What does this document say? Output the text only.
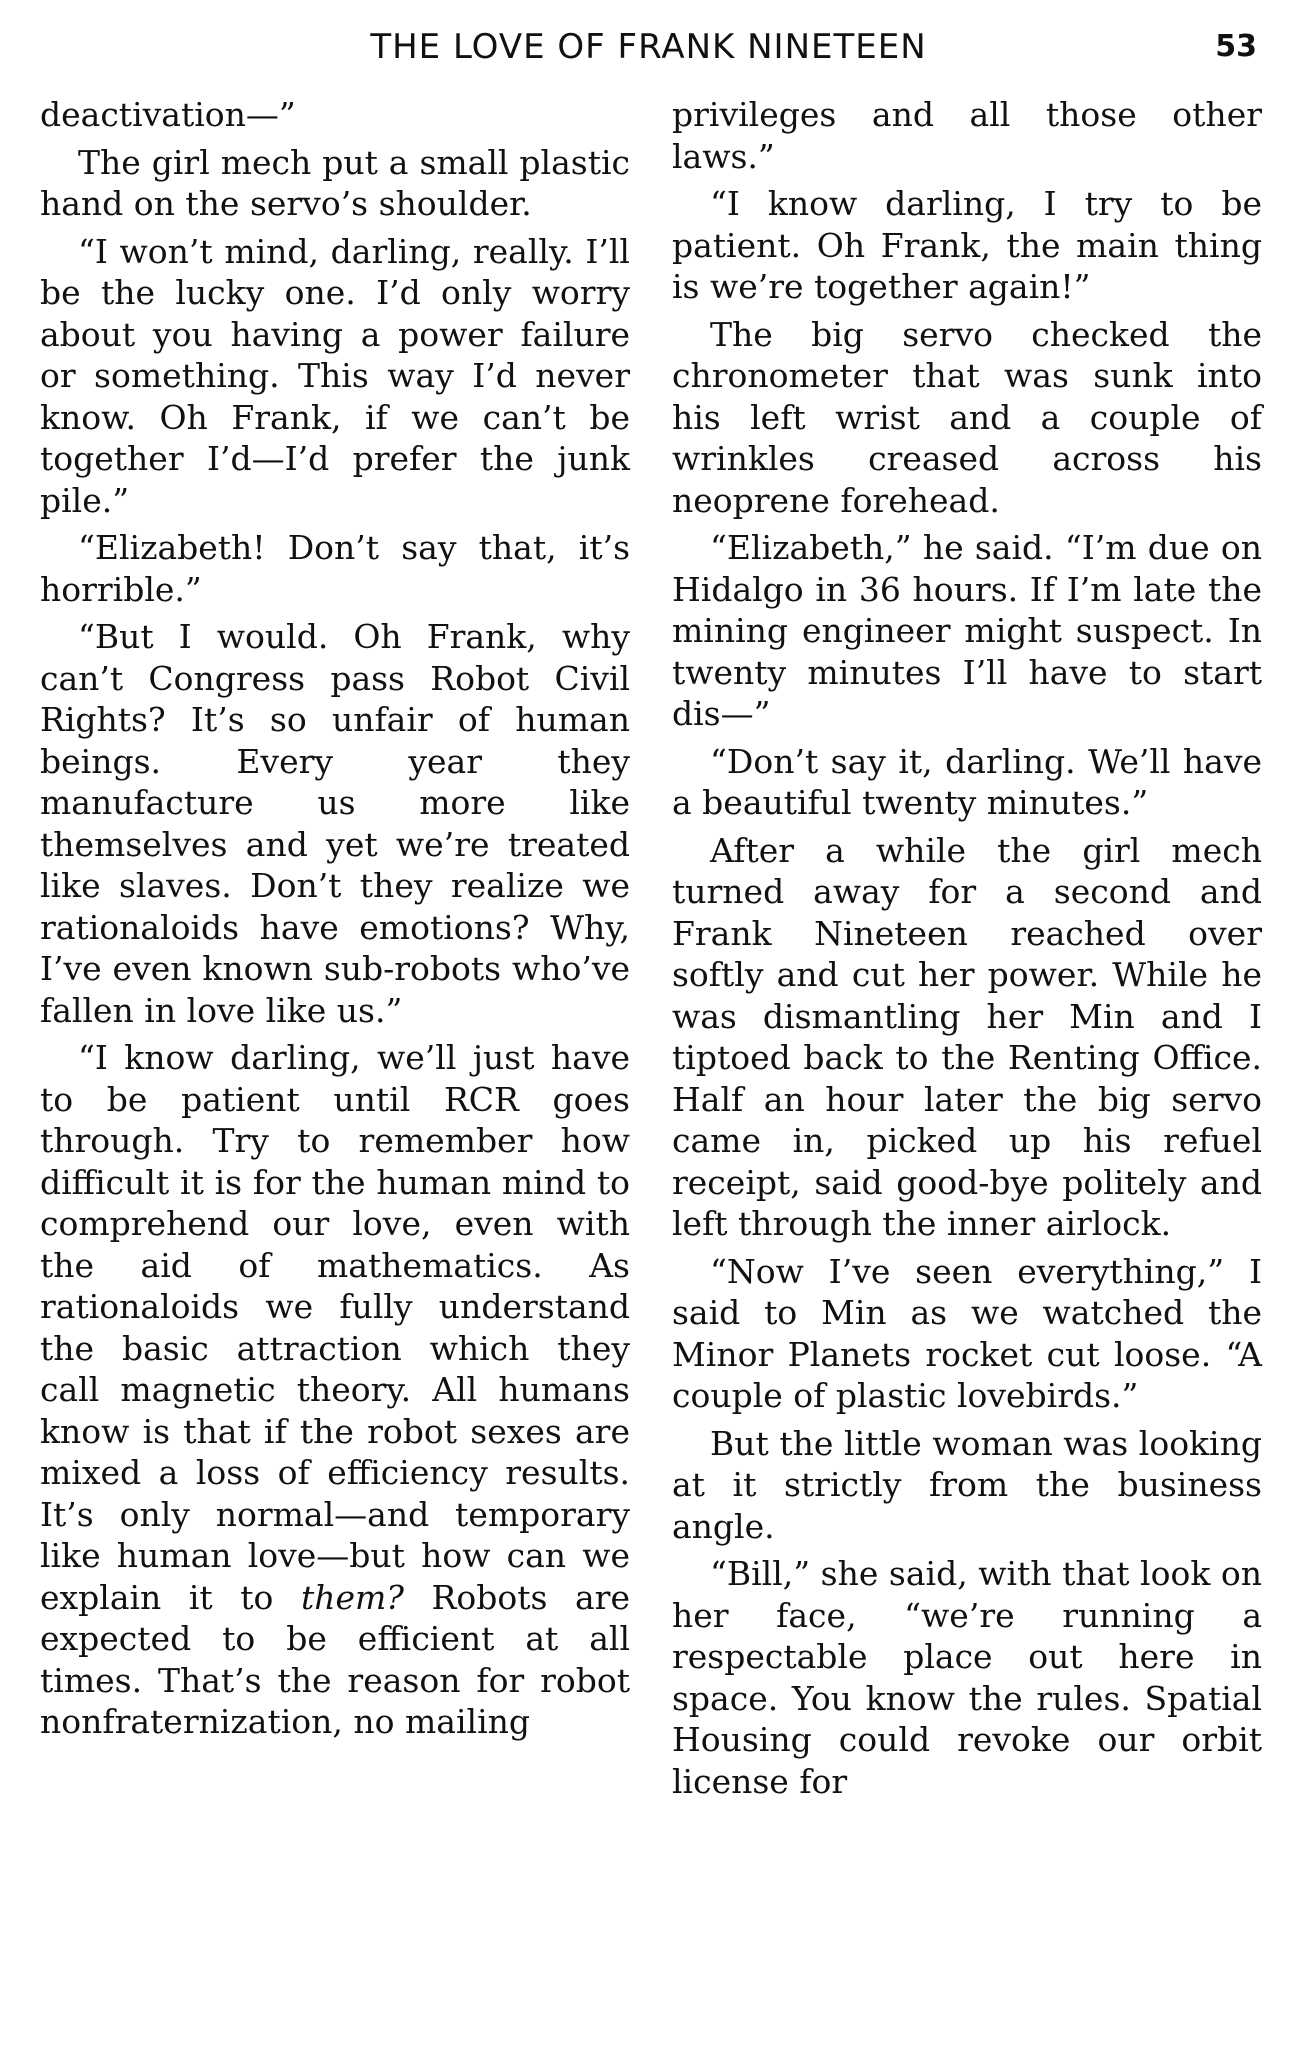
THE LOVE OF FRANK NINETEEN	53

deactivation—”

The girl mech put a small plastic hand on the servo’s shoulder.

“I won’t mind, darling, really. I’ll be the lucky one. I’d only worry about you having a power failure or something. This way I’d never know. Oh Frank, if we can’t be together I’d—I’d prefer the junk pile.”

“Elizabeth! Don’t say that, it’s horrible.”

“But I would. Oh Frank, why can’t Congress pass Robot Civil Rights? It’s so unfair of human beings. Every year they manufacture us more like themselves and yet we’re treated like slaves. Don’t they realize we rationaloids have emotions? Why, I’ve even known sub-robots who’ve fallen in love like us.”

“I know darling, we’ll just have to be patient until RCR goes through. Try to remember how difficult it is for the human mind to comprehend our love, even with the aid of mathematics. As rationaloids we fully understand the basic attraction which they call magnetic theory. All humans know is that if the robot sexes are mixed a loss of efficiency results. It’s only normal—and temporary like human love—but how can we explain it to them? Robots are expected to be efficient at all times. That’s the reason for robot nonfraternization, no mailing

privileges and all those other laws.”

“I know darling, I try to be patient. Oh Frank, the main thing is we’re together again!”

The big servo checked the chronometer that was sunk into his left wrist and a couple of wrinkles creased across his neoprene forehead.

“Elizabeth,” he said. “I’m due on Hidalgo in 36 hours. If I’m late the mining engineer might suspect. In twenty minutes I’ll have to start dis—”

“Don’t say it, darling. We’ll have a beautiful twenty minutes.”

After a while the girl mech turned away for a second and Frank Nineteen reached over softly and cut her power. While he was dismantling her Min and I tiptoed back to the Renting Office. Half an hour later the big servo came in, picked up his refuel receipt, said good-bye politely and left through the inner airlock.

“Now I’ve seen everything,” I said to Min as we watched the Minor Planets rocket cut loose. “A couple of plastic lovebirds.”

But the little woman was looking at it strictly from the business angle.

“Bill,” she said, with that look on her face, “we’re running a respectable place out here in space. You know the rules. Spatial Housing could revoke our orbit license for
